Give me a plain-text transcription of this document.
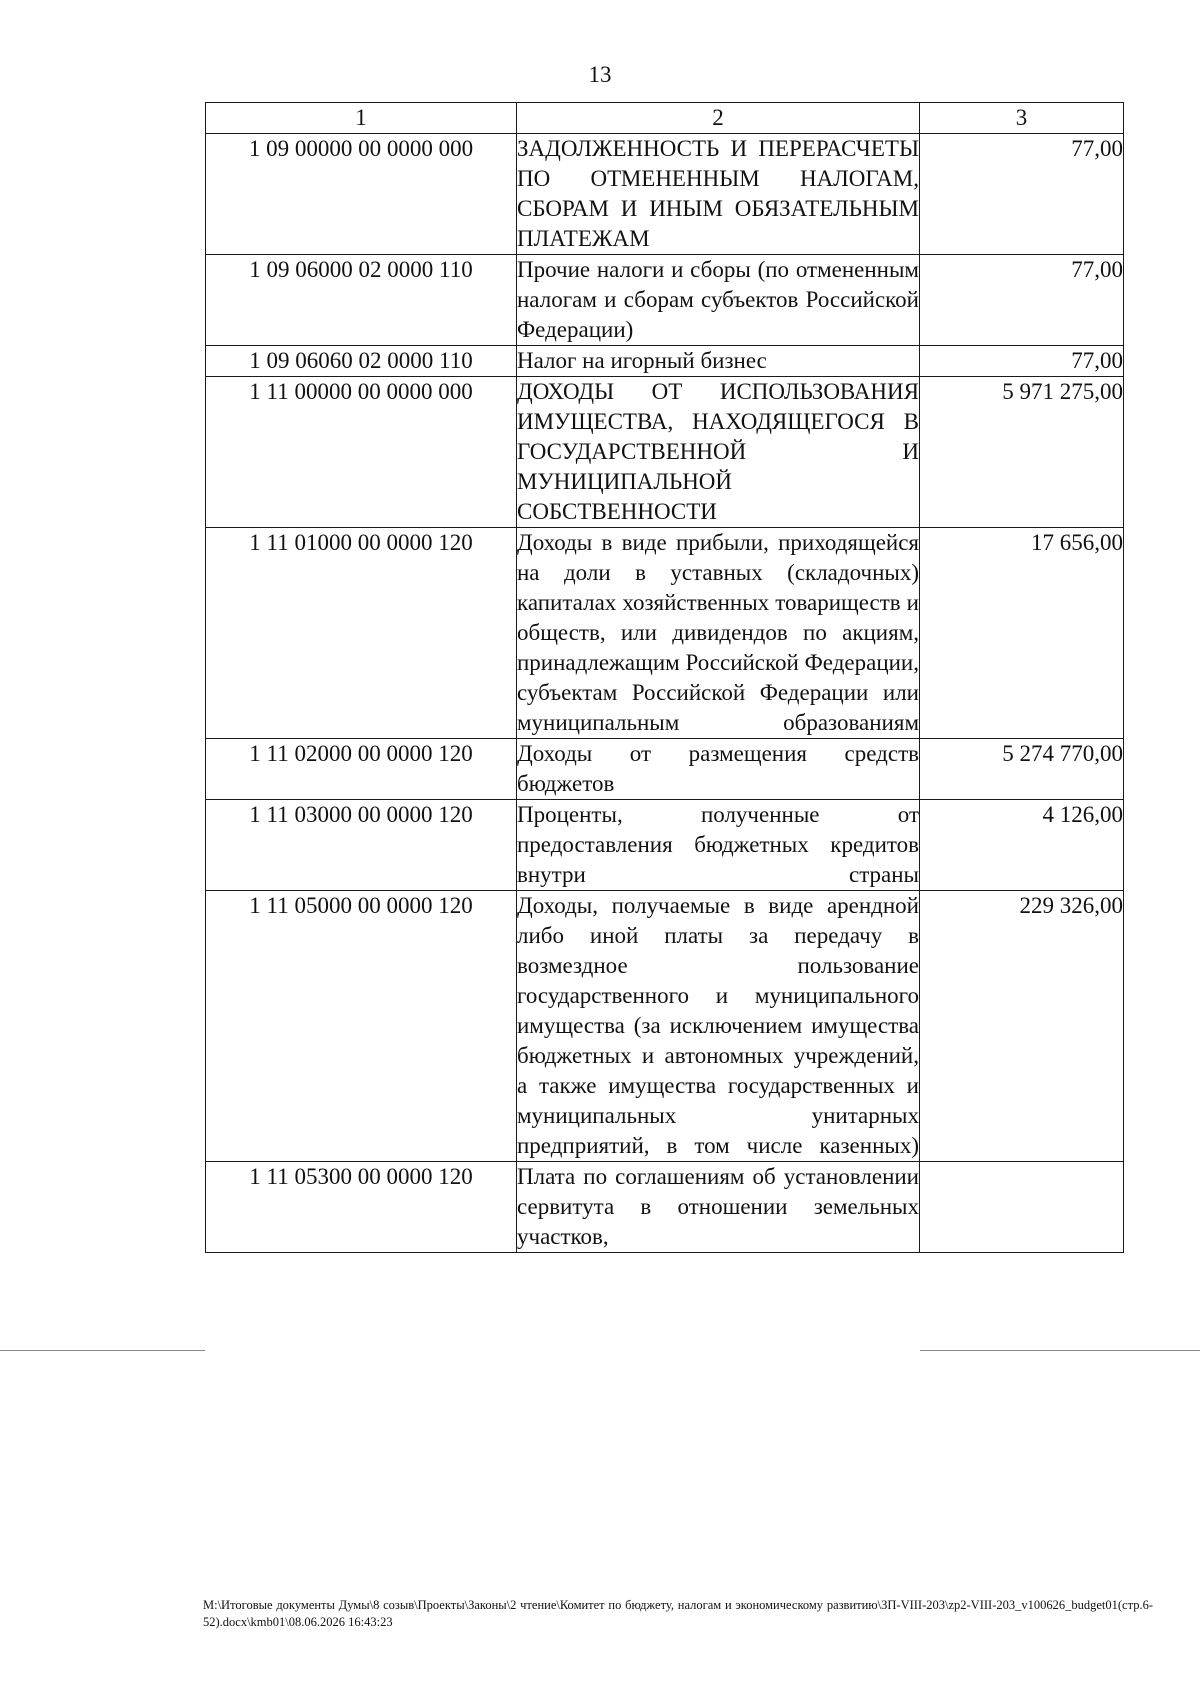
13
1	2	3
1 09 00000 00 0000 000	ЗАДОЛЖЕННОСТЬ И ПЕРЕРАСЧЕТЫ ПО ОТМЕНЕННЫМ НАЛОГАМ, СБОРАМ И ИНЫМ ОБЯЗАТЕЛЬНЫМ ПЛАТЕЖАМ	77,00
1 09 06000 02 0000 110	Прочие налоги и сборы (по отмененным налогам и сборам субъектов Российской Федерации)	77,00
1 09 06060 02 0000 110	Налог на игорный бизнес	77,00
1 11 00000 00 0000 000	ДОХОДЫ ОТ ИСПОЛЬЗОВАНИЯ ИМУЩЕСТВА, НАХОДЯЩЕГОСЯ В ГОСУДАРСТВЕННОЙ И МУНИЦИПАЛЬНОЙ СОБСТВЕННОСТИ	5 971 275,00
1 11 01000 00 0000 120	Доходы в виде прибыли, приходящейся на доли в уставных (складочных) капиталах хозяйственных товариществ и обществ, или дивидендов по акциям, принадлежащим Российской Федерации, субъектам Российской Федерации или муниципальным образованиям	17 656,00
1 11 02000 00 0000 120	Доходы от размещения средств бюджетов	5 274 770,00
1 11 03000 00 0000 120	Проценты, полученные от предоставления бюджетных кредитов внутри страны	4 126,00
1 11 05000 00 0000 120	Доходы, получаемые в виде арендной либо иной платы за передачу в возмездное пользование государственного и муниципального имущества (за исключением имущества бюджетных и автономных учреждений, а также имущества государственных и муниципальных унитарных предприятий, в том числе казенных)	229 326,00
1 11 05300 00 0000 120	Плата по соглашениям об установлении сервитута в отношении земельных участков,	
M:\Итоговые документы Думы\8 созыв\Проекты\Законы\2 чтение\Комитет по бюджету, налогам и экономическому развитию\ЗП-VIII-203\zp2-VIII-203_v100626_budget01(стр.6-52).docx\kmb01\08.06.2026 16:43:23
